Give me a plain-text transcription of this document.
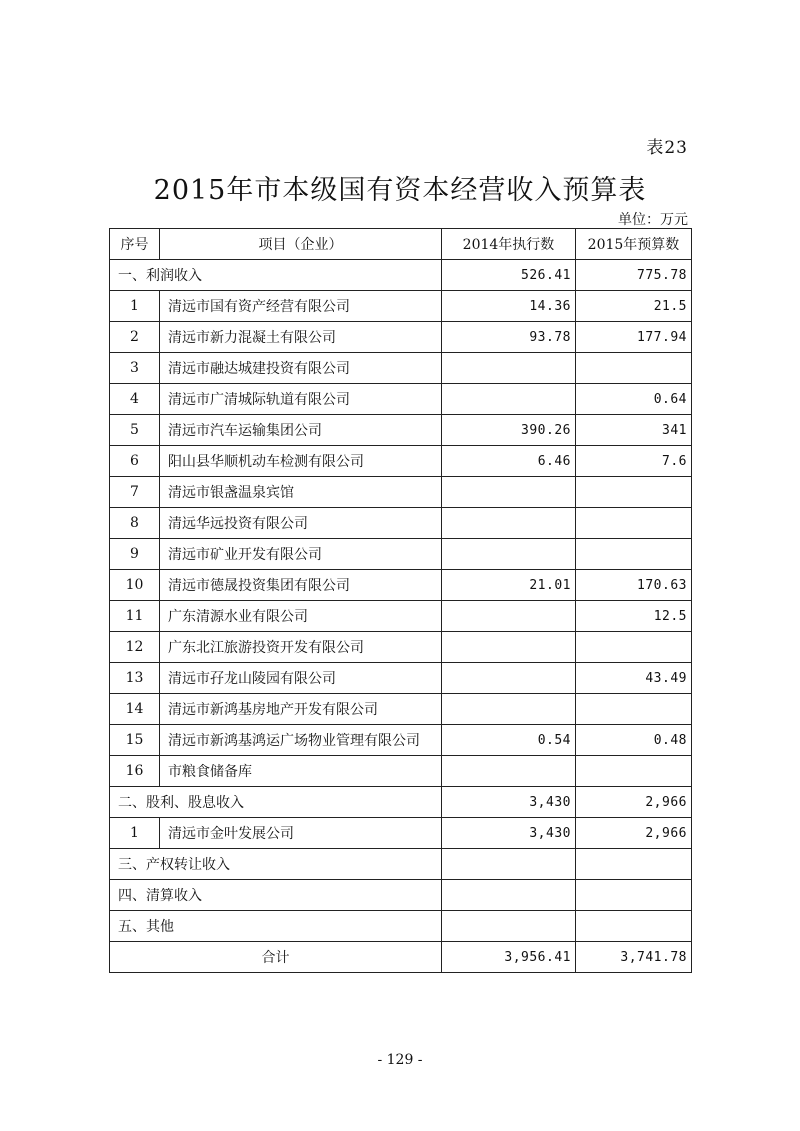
表23
2015年市本级国有资本经营收入预算表
单位：万元
序号	项目（企业）	2014年执行数	2015年预算数
一、利润收入		526.41	775.78
1	清远市国有资产经营有限公司	14.36	21.5
2	清远市新力混凝土有限公司	93.78	177.94
3	清远市融达城建投资有限公司		
4	清远市广清城际轨道有限公司		0.64
5	清远市汽车运输集团公司	390.26	341
6	阳山县华顺机动车检测有限公司	6.46	7.6
7	清远市银盏温泉宾馆		
8	清远华远投资有限公司		
9	清远市矿业开发有限公司		
10	清远市德晟投资集团有限公司	21.01	170.63
11	广东清源水业有限公司		12.5
12	广东北江旅游投资开发有限公司		
13	清远市孖龙山陵园有限公司		43.49
14	清远市新鸿基房地产开发有限公司		
15	清远市新鸿基鸿运广场物业管理有限公司	0.54	0.48
16	市粮食储备库		
二、股利、股息收入		3,430	2,966
1	清远市金叶发展公司	3,430	2,966
三、产权转让收入			
四、清算收入			
五、其他			
合计		3,956.41	3,741.78
- 129 -
